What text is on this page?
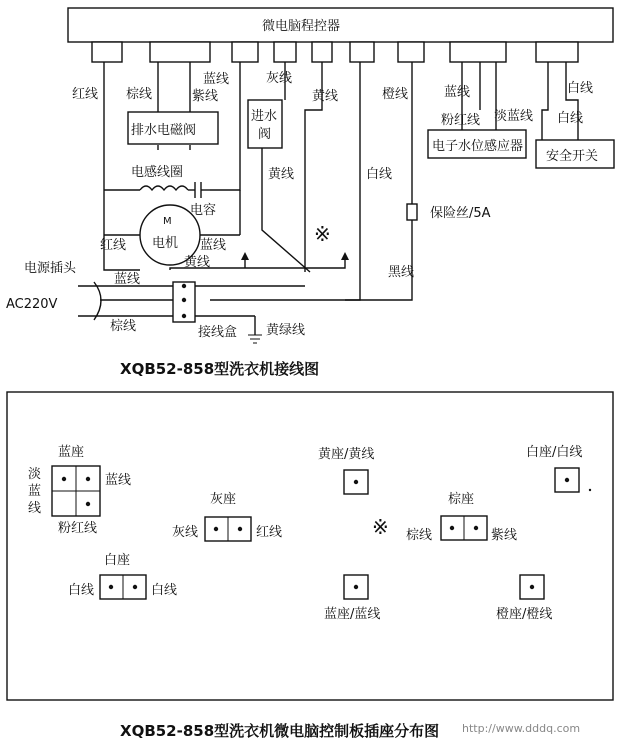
微电脑程控器
M
红线 棕线
蓝线
紫线
排水电磁阀
灰线
进水
阀
黄线
黄线
橙线	蓝线
粉红线 淡蓝线
电子水位感应器
白线
白线
安全开关
电感线圈
电容
红线 电机 蓝线
黄线
白线
保险丝/5A
※
电源插头
AC220V
蓝线
棕线
黑线
接线盒 黄绿线
XQB52-858型洗衣机接线图
蓝座
淡
蓝
线
蓝线
粉红线
灰座
灰线	红线
白座
白线	白线
黄座/黄线
棕座
棕线	紫线
※
白座/白线
蓝座/蓝线	橙座/橙线
XQB52-858型洗衣机微电脑控制板插座分布图 http://www.dddq.com
